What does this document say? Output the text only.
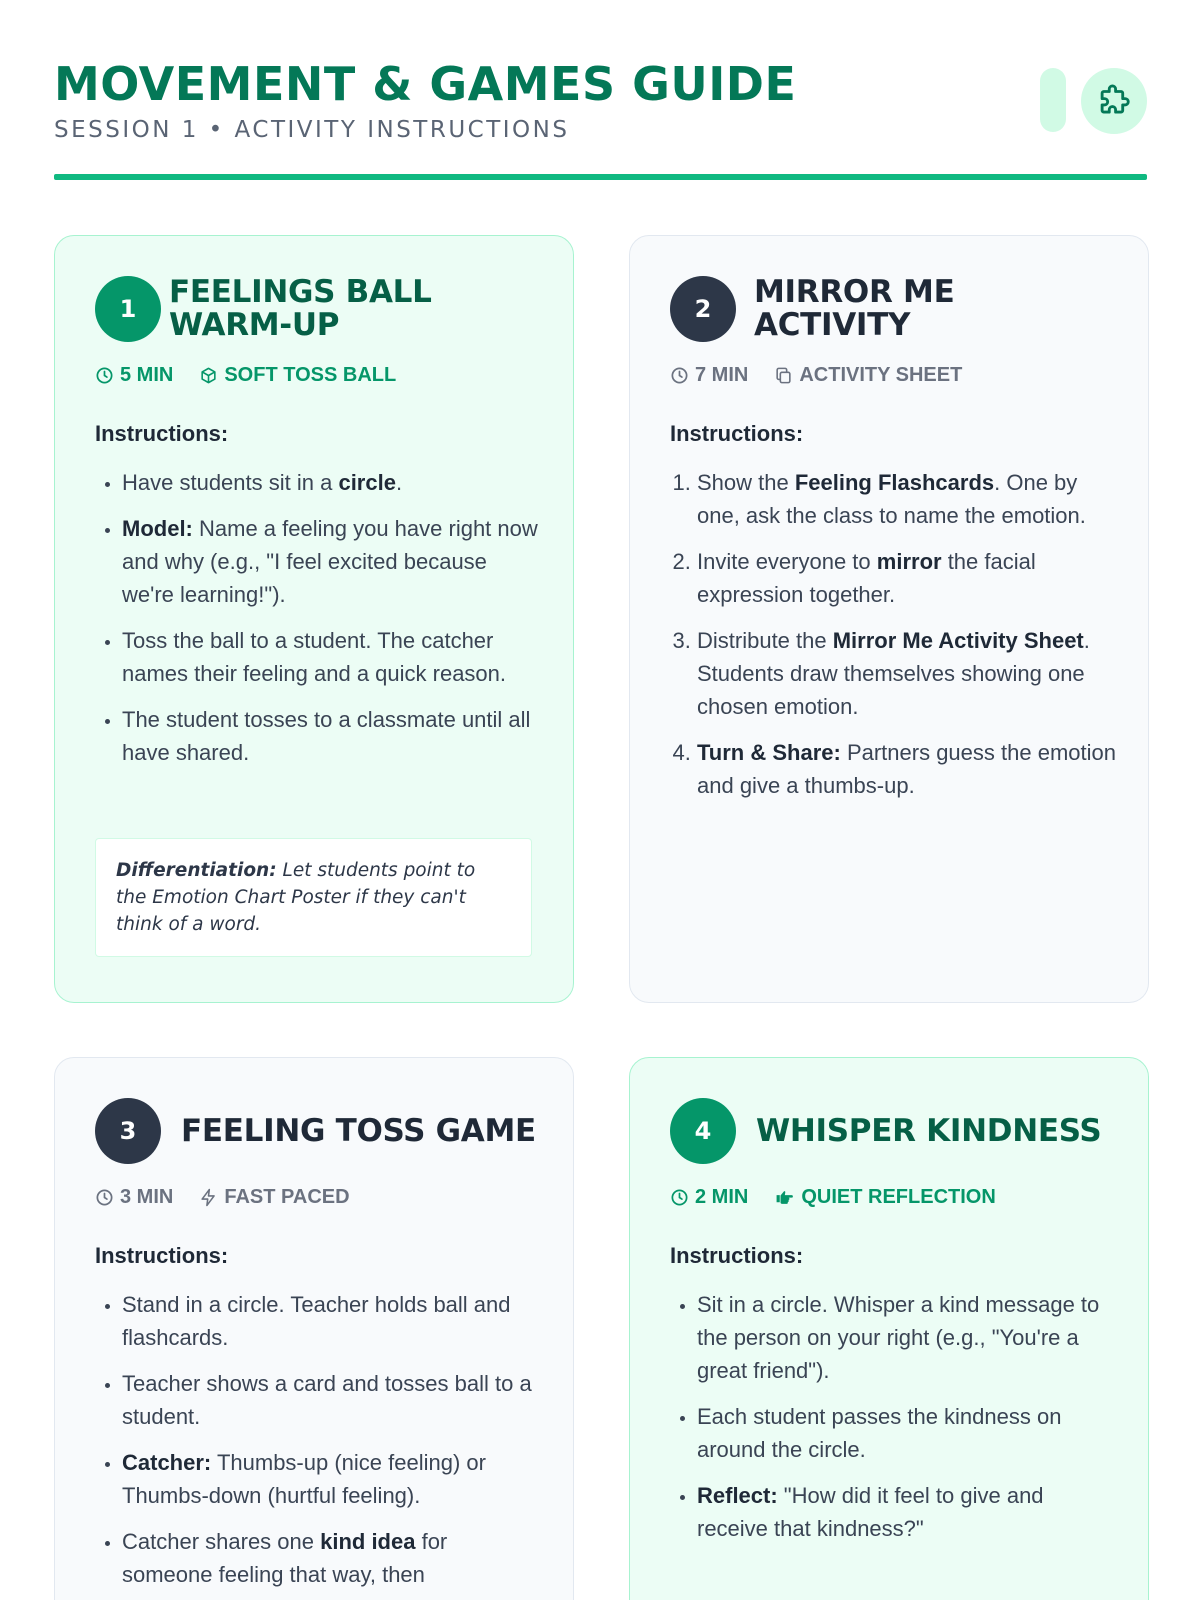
MOVEMENT & GAMES GUIDE
SESSION 1 • ACTIVITY INSTRUCTIONS
1	FEELINGS BALL
WARM-UP
5 MIN	SOFT TOSS BALL
Instructions:
• Have students sit in a circle.
• Model: Name a feeling you have right now and why (e.g., "I feel excited because we're learning!").
• Toss the ball to a student. The catcher names their feeling and a quick reason.
• The student tosses to a classmate until all have shared.
Differentiation: Let students point to the Emotion Chart Poster if they can't think of a word.
2	MIRROR ME
ACTIVITY
7 MIN	ACTIVITY SHEET
Instructions:
1. Show the Feeling Flashcards. One by one, ask the class to name the emotion.
2. Invite everyone to mirror the facial expression together.
3. Distribute the Mirror Me Activity Sheet. Students draw themselves showing one chosen emotion.
4. Turn & Share: Partners guess the emotion and give a thumbs-up.
3	FEELING TOSS GAME
3 MIN	FAST PACED
Instructions:
• Stand in a circle. Teacher holds ball and flashcards.
• Teacher shows a card and tosses ball to a student.
• Catcher: Thumbs-up (nice feeling) or Thumbs-down (hurtful feeling).
• Catcher shares one kind idea for someone feeling that way, then
4	WHISPER KINDNESS
2 MIN	QUIET REFLECTION
Instructions:
• Sit in a circle. Whisper a kind message to the person on your right (e.g., "You're a great friend").
• Each student passes the kindness on around the circle.
• Reflect: "How did it feel to give and receive that kindness?"
